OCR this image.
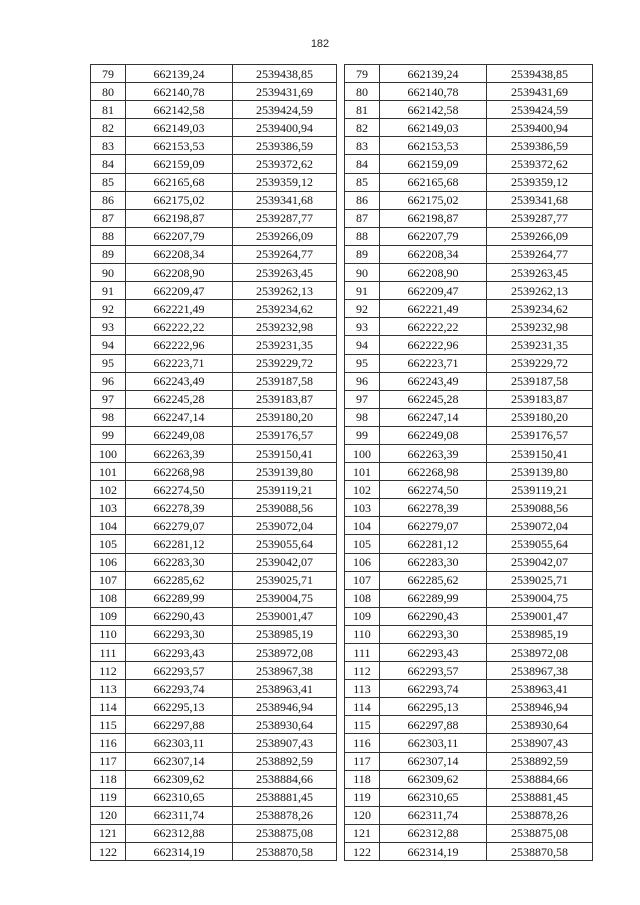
182
79	662139,24	2539438,85
80	662140,78	2539431,69
81	662142,58	2539424,59
82	662149,03	2539400,94
83	662153,53	2539386,59
84	662159,09	2539372,62
85	662165,68	2539359,12
86	662175,02	2539341,68
87	662198,87	2539287,77
88	662207,79	2539266,09
89	662208,34	2539264,77
90	662208,90	2539263,45
91	662209,47	2539262,13
92	662221,49	2539234,62
93	662222,22	2539232,98
94	662222,96	2539231,35
95	662223,71	2539229,72
96	662243,49	2539187,58
97	662245,28	2539183,87
98	662247,14	2539180,20
99	662249,08	2539176,57
100	662263,39	2539150,41
101	662268,98	2539139,80
102	662274,50	2539119,21
103	662278,39	2539088,56
104	662279,07	2539072,04
105	662281,12	2539055,64
106	662283,30	2539042,07
107	662285,62	2539025,71
108	662289,99	2539004,75
109	662290,43	2539001,47
110	662293,30	2538985,19
111	662293,43	2538972,08
112	662293,57	2538967,38
113	662293,74	2538963,41
114	662295,13	2538946,94
115	662297,88	2538930,64
116	662303,11	2538907,43
117	662307,14	2538892,59
118	662309,62	2538884,66
119	662310,65	2538881,45
120	662311,74	2538878,26
121	662312,88	2538875,08
122	662314,19	2538870,58
79	662139,24	2539438,85
80	662140,78	2539431,69
81	662142,58	2539424,59
82	662149,03	2539400,94
83	662153,53	2539386,59
84	662159,09	2539372,62
85	662165,68	2539359,12
86	662175,02	2539341,68
87	662198,87	2539287,77
88	662207,79	2539266,09
89	662208,34	2539264,77
90	662208,90	2539263,45
91	662209,47	2539262,13
92	662221,49	2539234,62
93	662222,22	2539232,98
94	662222,96	2539231,35
95	662223,71	2539229,72
96	662243,49	2539187,58
97	662245,28	2539183,87
98	662247,14	2539180,20
99	662249,08	2539176,57
100	662263,39	2539150,41
101	662268,98	2539139,80
102	662274,50	2539119,21
103	662278,39	2539088,56
104	662279,07	2539072,04
105	662281,12	2539055,64
106	662283,30	2539042,07
107	662285,62	2539025,71
108	662289,99	2539004,75
109	662290,43	2539001,47
110	662293,30	2538985,19
111	662293,43	2538972,08
112	662293,57	2538967,38
113	662293,74	2538963,41
114	662295,13	2538946,94
115	662297,88	2538930,64
116	662303,11	2538907,43
117	662307,14	2538892,59
118	662309,62	2538884,66
119	662310,65	2538881,45
120	662311,74	2538878,26
121	662312,88	2538875,08
122	662314,19	2538870,58
